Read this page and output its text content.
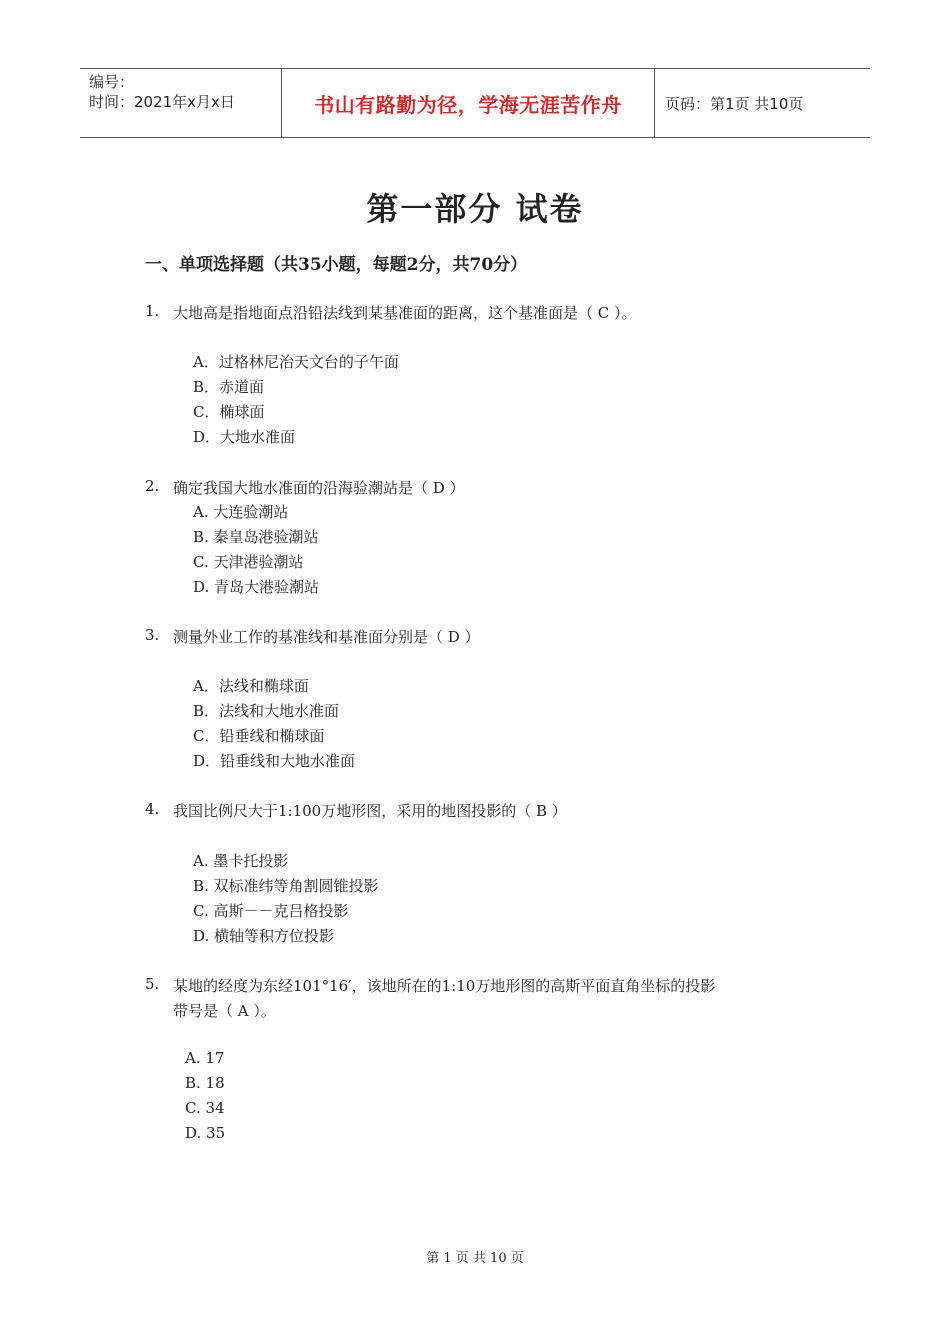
编号：
时间：2021年x月x日	书山有路勤为径，学海无涯苦作舟	页码：第1页 共10页
第一部分 试卷
一、单项选择题（共35小题，每题2分，共70分）
1. 大地高是指地面点沿铅法线到某基准面的距离，这个基准面是（ C ）。
A．过格林尼治天文台的子午面
B．赤道面
C．椭球面
D．大地水准面
2. 确定我国大地水准面的沿海验潮站是（ D ）
A. 大连验潮站
B. 秦皇岛港验潮站
C. 天津港验潮站
D. 青岛大港验潮站
3. 测量外业工作的基准线和基准面分别是（ D ）
A．法线和椭球面
B．法线和大地水准面
C．铅垂线和椭球面
D．铅垂线和大地水准面
4. 我国比例尺大于1:100万地形图，采用的地图投影的（ B ）
A. 墨卡托投影
B. 双标准纬等角割圆锥投影
C. 高斯－－克吕格投影
D. 横轴等积方位投影
5. 某地的经度为东经101°16′，该地所在的1:10万地形图的高斯平面直角坐标的投影
带号是（ A ）。
A. 17
B. 18
C. 34
D. 35
第 1 页 共 10 页
